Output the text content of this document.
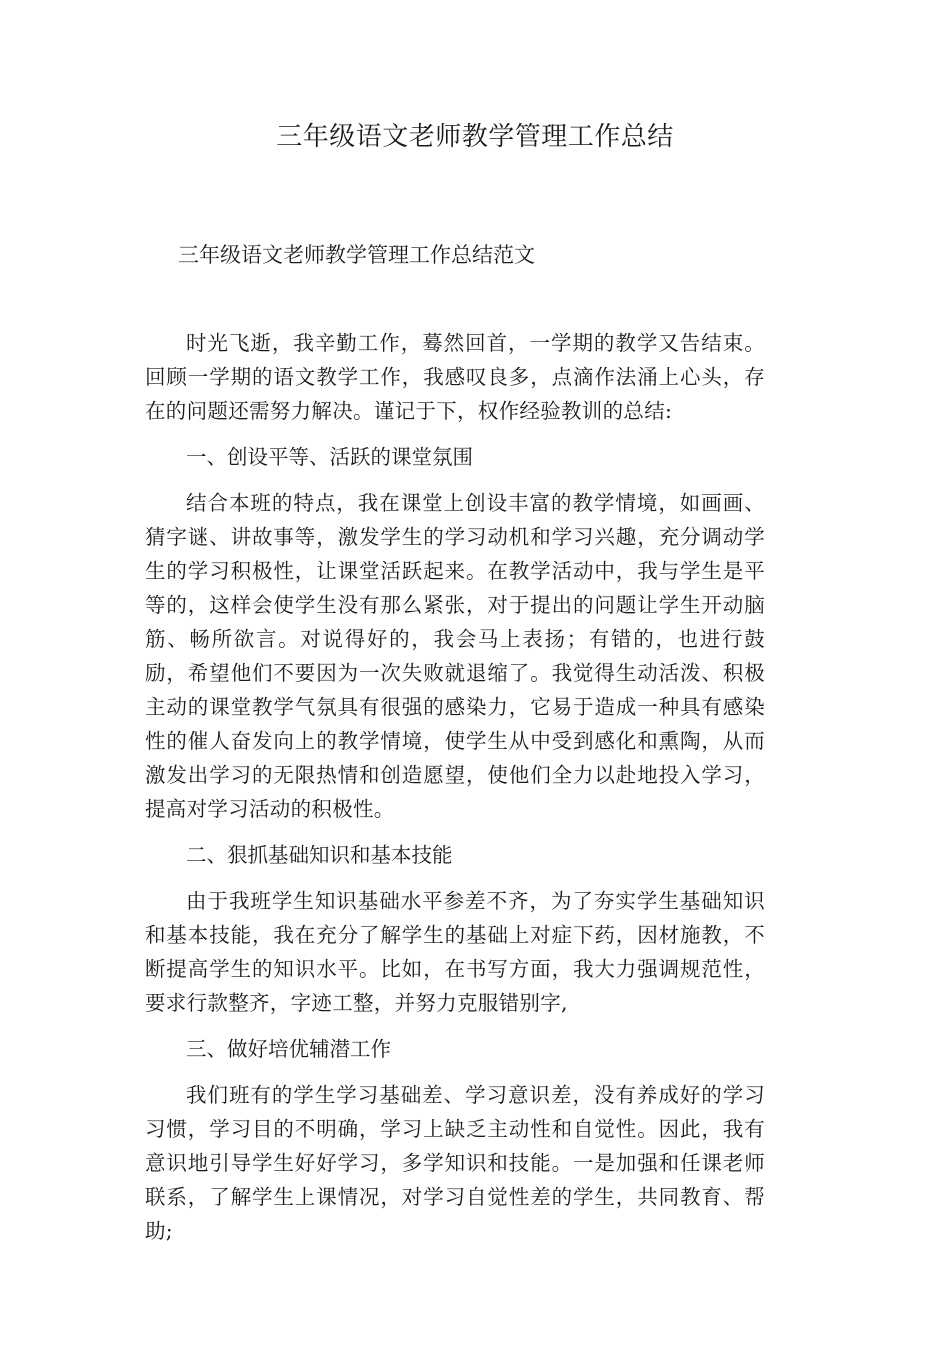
三年级语文老师教学管理工作总结

三年级语文老师教学管理工作总结范文

时光飞逝，我辛勤工作，蓦然回首，一学期的教学又告结束。回顾一学期的语文教学工作，我感叹良多，点滴作法涌上心头，存在的问题还需努力解决。谨记于下，权作经验教训的总结:

一、创设平等、活跃的课堂氛围

结合本班的特点，我在课堂上创设丰富的教学情境，如画画、猜字谜、讲故事等，激发学生的学习动机和学习兴趣，充分调动学生的学习积极性，让课堂活跃起来。在教学活动中，我与学生是平等的，这样会使学生没有那么紧张，对于提出的问题让学生开动脑筋、畅所欲言。对说得好的，我会马上表扬；有错的，也进行鼓励，希望他们不要因为一次失败就退缩了。我觉得生动活泼、积极主动的课堂教学气氛具有很强的感染力，它易于造成一种具有感染性的催人奋发向上的教学情境，使学生从中受到感化和熏陶，从而激发出学习的无限热情和创造愿望，使他们全力以赴地投入学习，提高对学习活动的积极性。

二、狠抓基础知识和基本技能

由于我班学生知识基础水平参差不齐，为了夯实学生基础知识和基本技能，我在充分了解学生的基础上对症下药，因材施教，不断提高学生的知识水平。比如，在书写方面，我大力强调规范性，要求行款整齐，字迹工整，并努力克服错别字,

三、做好培优辅潜工作

我们班有的学生学习基础差、学习意识差，没有养成好的学习习惯，学习目的不明确，学习上缺乏主动性和自觉性。因此，我有意识地引导学生好好学习，多学知识和技能。一是加强和任课老师联系，了解学生上课情况，对学习自觉性差的学生，共同教育、帮助;
